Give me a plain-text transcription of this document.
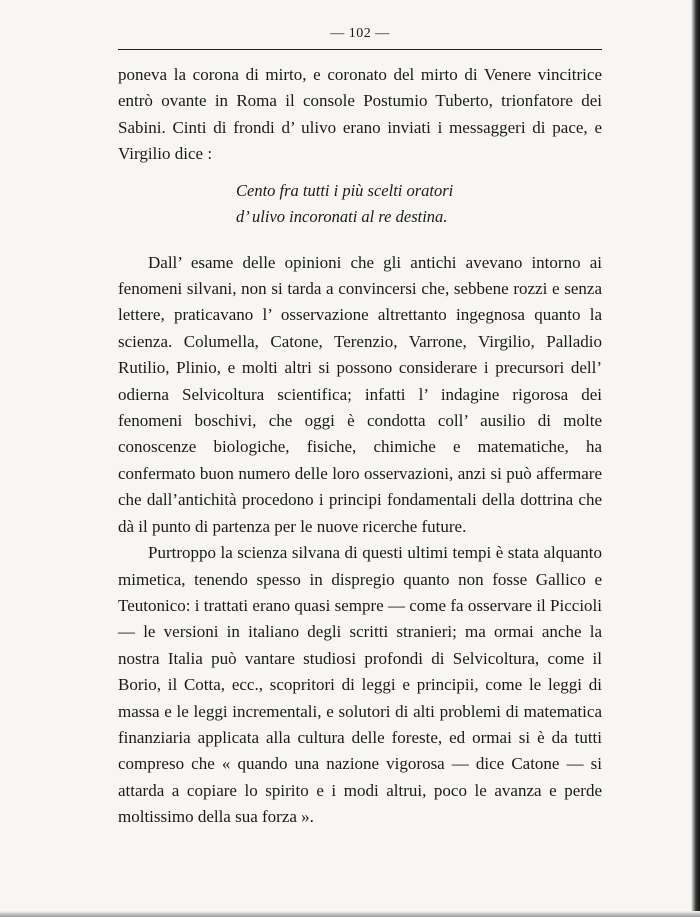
— 102 —

poneva la corona di mirto, e coronato del mirto di Venere vincitrice entrò ovante in Roma il console Postumio Tuberto, trionfatore dei Sabini. Cinti di frondi d’ ulivo erano inviati i messaggeri di pace, e Virgilio dice :

Cento fra tutti i più scelti oratori
d’ ulivo incoronati al re destina.

Dall’ esame delle opinioni che gli antichi avevano intorno ai fenomeni silvani, non si tarda a convincersi che, sebbene rozzi e senza lettere, praticavano l’ osservazione altrettanto ingegnosa quanto la scienza. Columella, Catone, Terenzio, Varrone, Virgilio, Palladio Rutilio, Plinio, e molti altri si possono considerare i precursori dell’ odierna Selvicoltura scientifica; infatti l’ indagine rigorosa dei fenomeni boschivi, che oggi è condotta coll’ ausilio di molte conoscenze biologiche, fisiche, chimiche e matematiche, ha confermato buon numero delle loro osservazioni, anzi si può affermare che dall’antichità procedono i principi fondamentali della dottrina che dà il punto di partenza per le nuove ricerche future.

Purtroppo la scienza silvana di questi ultimi tempi è stata alquanto mimetica, tenendo spesso in dispregio quanto non fosse Gallico e Teutonico: i trattati erano quasi sempre — come fa osservare il Piccioli — le versioni in italiano degli scritti stranieri; ma ormai anche la nostra Italia può vantare studiosi profondi di Selvicoltura, come il Borio, il Cotta, ecc., scopritori di leggi e principii, come le leggi di massa e le leggi incrementali, e solutori di alti problemi di matematica finanziaria applicata alla cultura delle foreste, ed ormai si è da tutti compreso che « quando una nazione vigorosa — dice Catone — si attarda a copiare lo spirito e i modi altrui, poco le avanza e perde moltissimo della sua forza ».
